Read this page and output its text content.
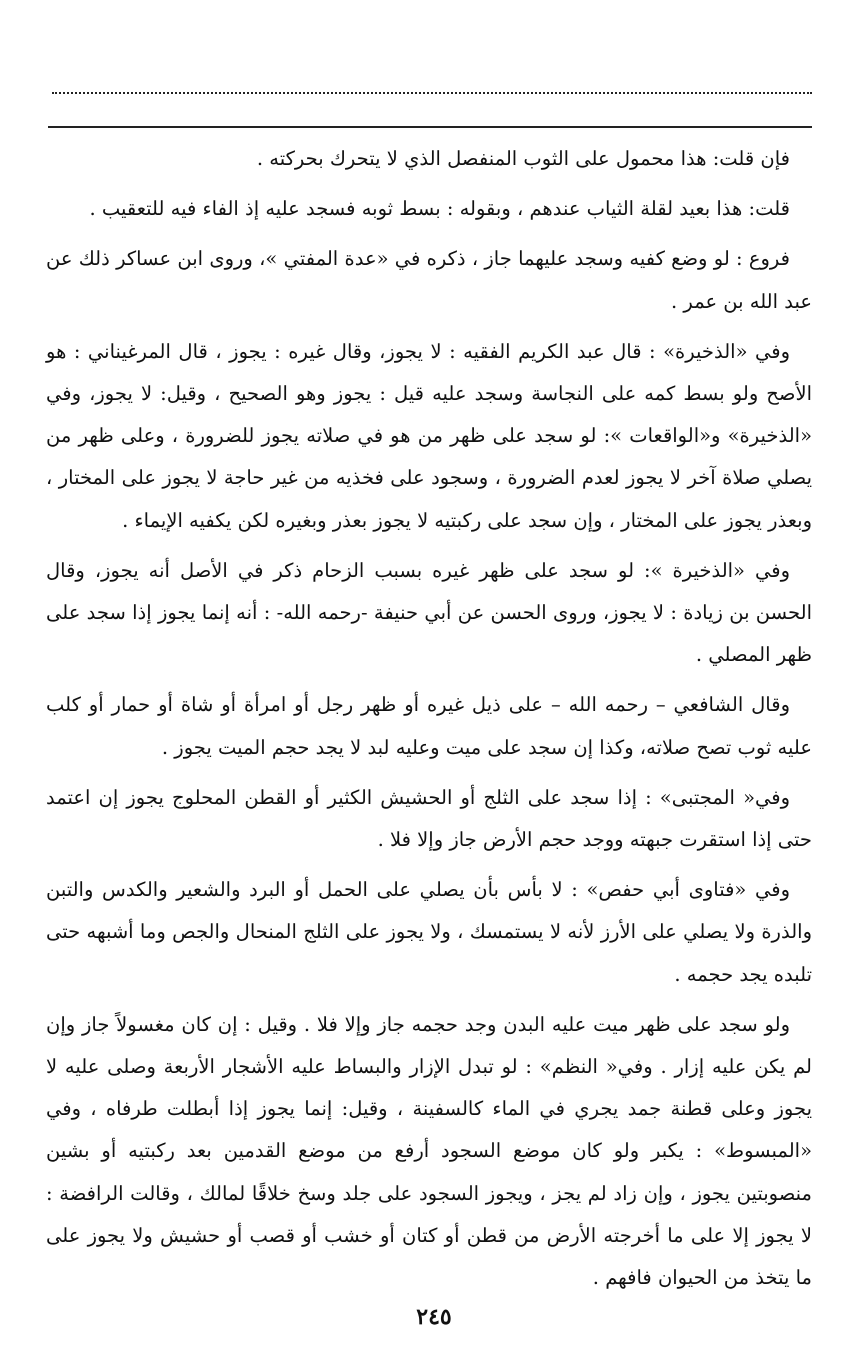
فإن قلت: هذا محمول على الثوب المنفصل الذي لا يتحرك بحركته .

قلت: هذا بعيد لقلة الثياب عندهم ، وبقوله : بسط ثوبه فسجد عليه إذ الفاء فيه للتعقيب .

فروع : لو وضع كفيه وسجد عليهما جاز ، ذكره في «عدة المفتي »، وروى ابن عساكر ذلك عن عبد الله بن عمر .

وفي «الذخيرة» : قال عبد الكريم الفقيه : لا يجوز، وقال غيره : يجوز ، قال المرغيناني : هو الأصح ولو بسط كمه على النجاسة وسجد عليه قيل : يجوز وهو الصحيح ، وقيل: لا يجوز، وفي «الذخيرة» و«الواقعات »: لو سجد على ظهر من هو في صلاته يجوز للضرورة ، وعلى ظهر من يصلي صلاة آخر لا يجوز لعدم الضرورة ، وسجود على فخذيه من غير حاجة لا يجوز على المختار ، وبعذر يجوز على المختار ، وإن سجد على ركبتيه لا يجوز بعذر وبغيره لكن يكفيه الإيماء .

وفي «الذخيرة »: لو سجد على ظهر غيره بسبب الزحام ذكر في الأصل أنه يجوز، وقال الحسن بن زيادة : لا يجوز، وروى الحسن عن أبي حنيفة -رحمه الله- : أنه إنما يجوز إذا سجد على ظهر المصلي .

وقال الشافعي – رحمه الله – على ذيل غيره أو ظهر رجل أو امرأة أو شاة أو حمار أو كلب عليه ثوب تصح صلاته، وكذا إن سجد على ميت وعليه لبد لا يجد حجم الميت يجوز .

وفي« المجتبى» : إذا سجد على الثلج أو الحشيش الكثير أو القطن المحلوج يجوز إن اعتمد حتى إذا استقرت جبهته ووجد حجم الأرض جاز وإلا فلا .

وفي «فتاوى أبي حفص» : لا بأس بأن يصلي على الحمل أو البرد والشعير والكدس والتبن والذرة ولا يصلي على الأرز لأنه لا يستمسك ، ولا يجوز على الثلج المنحال والجص وما أشبهه حتى تلبده يجد حجمه .

ولو سجد على ظهر ميت عليه البدن وجد حجمه جاز وإلا فلا . وقيل : إن كان مغسولاً جاز وإن لم يكن عليه إزار . وفي« النظم» : لو تبدل الإزار والبساط عليه الأشجار الأربعة وصلى عليه لا يجوز وعلى قطنة جمد يجري في الماء كالسفينة ، وقيل: إنما يجوز إذا أبطلت طرفاه ، وفي «المبسوط» : يكبر ولو كان موضع السجود أرفع من موضع القدمين بعد ركبتيه أو بشين منصوبتين يجوز ، وإن زاد لم يجز ، ويجوز السجود على جلد وسخ خلاقًا لمالك ، وقالت الرافضة : لا يجوز إلا على ما أخرجته الأرض من قطن أو كتان أو خشب أو قصب أو حشيش ولا يجوز على ما يتخذ من الحيوان فافهم .

٢٤٥
